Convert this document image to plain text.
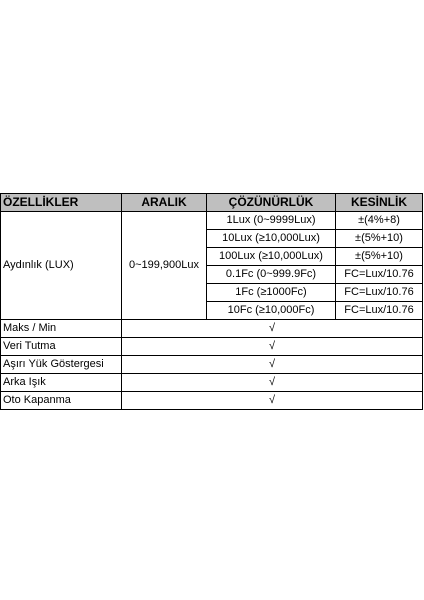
ÖZELLİKLER	ARALIK	ÇÖZÜNÜRLÜK	KESİNLİK
Aydınlık (LUX)	0~199,900Lux	1Lux (0~9999Lux)	±(4%+8)
		10Lux (≥10,000Lux)	±(5%+10)
		100Lux (≥10,000Lux)	±(5%+10)
		0.1Fc (0~999.9Fc)	FC=Lux/10.76
		1Fc (≥1000Fc)	FC=Lux/10.76
		10Fc (≥10,000Fc)	FC=Lux/10.76
Maks / Min	√		
Veri Tutma	√		
Aşırı Yük Göstergesi	√		
Arka Işık	√		
Oto Kapanma	√		
